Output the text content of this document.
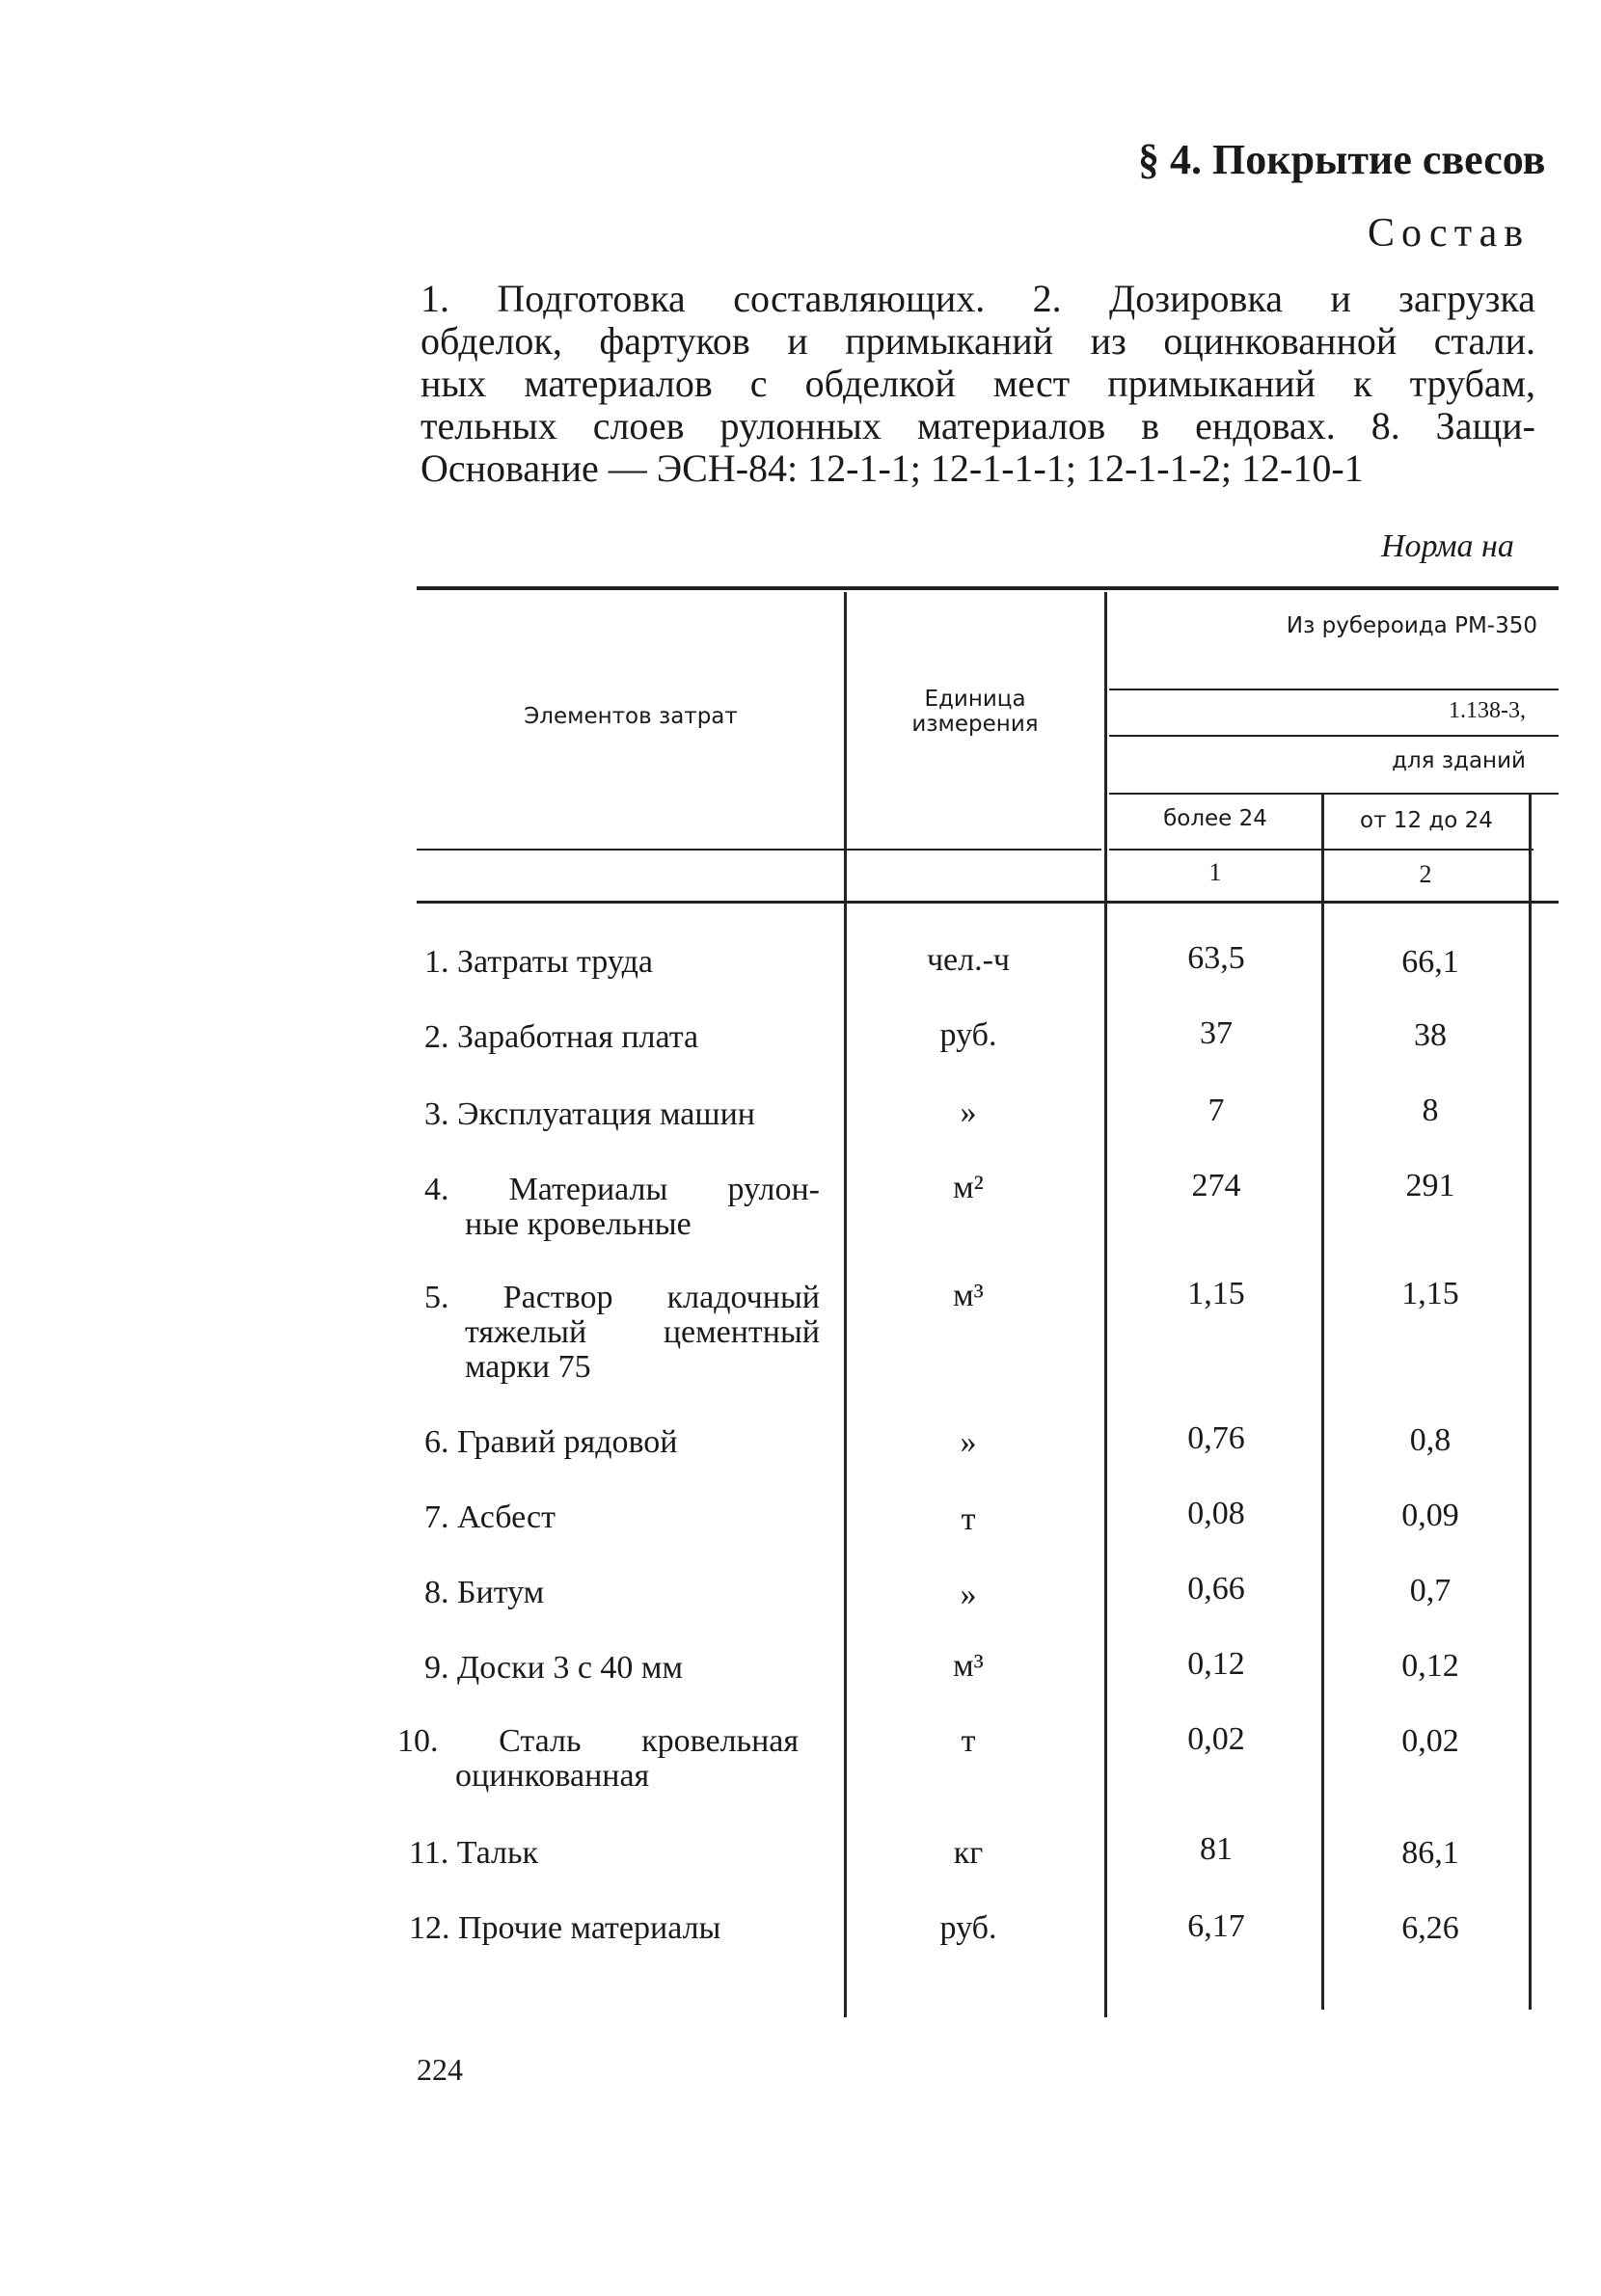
§ 4. Покрытие свесов
Состав
1. Подготовка составляющих. 2. Дозировка и загрузка
обделок, фартуков и примыканий из оцинкованной стали.
ных материалов с обделкой мест примыканий к трубам,
тельных слоев рулонных материалов в ендовах. 8. Защи-
Основание — ЭСН-84: 12-1-1; 12-1-1-1; 12-1-1-2; 12-10-1
Норма на
Элементов затрат
Единица
измерения
Из рубероида РМ-350
1.138-3,
для зданий
более 24	от 12 до 24
1	2
1. Затраты труда	чел.-ч	63,5	66,1
2. Заработная плата	руб.	37	38
3. Эксплуатация машин	»	7	8
4. Материалы рулон-
ные кровельные
м²	274	291
5. Раствор кладочный
тяжелый цементный
марки 75
м³	1,15	1,15
6. Гравий рядовой	»	0,76	0,8
7. Асбест	т	0,08	0,09
8. Битум	»	0,66	0,7
9. Доски 3 с 40 мм	м³	0,12	0,12
10. Сталь кровельная
оцинкованная
т	0,02	0,02
11. Тальк	кг	81	86,1
12. Прочие материалы	руб.	6,17	6,26
224
